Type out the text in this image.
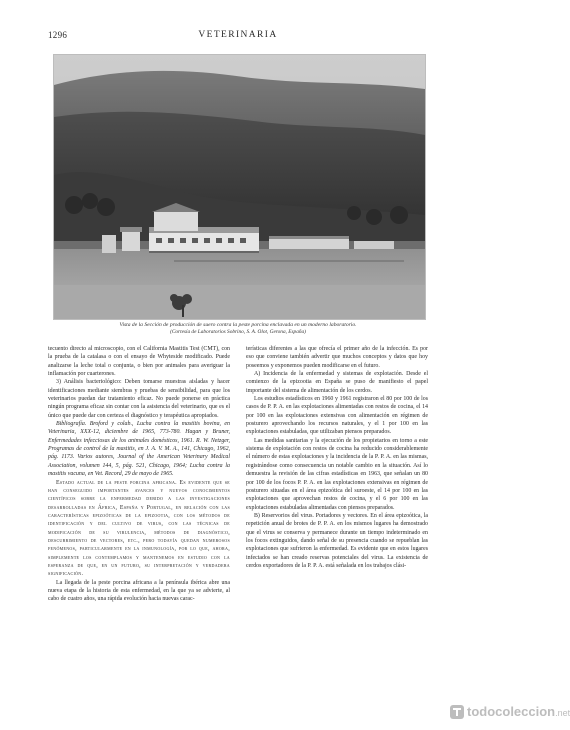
1296	VETERINARIA
Vista de la Sección de producción de suero contra la peste porcina enclavada en un moderno laboratorio.
(Cortesía de Laboratorios Sobrino, S. A. Olot, Gerona, España)

tecuento directo al microscopio, con el California Mastitis Test (CMT), con la prueba de la catalasa o con el ensayo de Whyteside modificado. Puede analizarse la leche total o conjunta, o bien por animales para averiguar la inflamación por cuarterones.

3) Análisis bacteriológico: Deben tomarse muestras aisladas y hacer identificaciones mediante siembras y pruebas de sensibilidad, para que los veterinarios puedan dar tratamiento eficaz. No puede ponerse en práctica ningún programa eficaz sin contar con la asistencia del veterinario, que es el único que puede dar con certeza el diagnóstico y terapéutica apropiados.

Bibliografía. Broford y colab., Lucha contra la mastitis bovina, en Veterinaria, XXX-12, diciembre de 1965, 773-780. Hagan y Bruner, Enfermedades infecciosas de los animales domésticos, 1961. R. W. Netzger, Programas de control de la mastitis, en J. A. V. M. A., 141, Chicago, 1962, pág. 1173. Varios autores, Journal of the American Veterinary Medical Association, volumen 144, 5, pág. 521, Chicago, 1964; Lucha contra la mastitis vacuna, en Vet. Record, 29 de mayo de 1965.

Estado actual de la peste porcina africana. Es evidente que se han conseguido importantes avances y nuevos conocimientos científicos sobre la enfermedad debido a las investigaciones desarrolladas en África, España y Portugal, en relación con las características epizoóticas de la epizootia, con los métodos de identificación y del cultivo de virus, con las técnicas de modificación de su virulencia, métodos de diagnóstico, descubrimiento de vectores, etc., pero todavía quedan numerosos fenómenos, particularmente en la inmunología, por lo que, ahora, simplemente los contemplamos y mantenemos en estudio con la esperanza de que, en un futuro, su interpretación y verdadera significación.

La llegada de la peste porcina africana a la península ibérica abre una nueva etapa de la historia de esta enfermedad, en la que ya se advierte, al cabo de cuatro años, una rápida evolución hacia nuevas carac-

terísticas diferentes a las que ofrecía el primer año de la infección. Es por eso que conviene también advertir que muchos conceptos y datos que hoy poseemos y exponemos pueden modificarse en el futuro.

A) Incidencia de la enfermedad y sistemas de explotación. Desde el comienzo de la epizootia en España se puso de manifiesto el papel importante del sistema de alimentación de los cerdos.

Los estudios estadísticos en 1960 y 1961 registraron el 80 por 100 de los casos de P. P. A. en las explotaciones alimentadas con restos de cocina, el 14 por 100 en las explotaciones extensivas con alimentación en régimen de posturero aprovechando los recursos naturales, y el 1 por 100 en las explotaciones estabuladas, que utilizaban piensos preparados.

Las medidas sanitarias y la ejecución de los propietarios en torno a este sistema de explotación con restos de cocina ha reducido considerablemente el número de estas explotaciones y la incidencia de la P. P. A. en las mismas, registrándose como consecuencia un notable cambio en la situación. Así lo demuestra la revisión de las cifras estadísticas en 1963, que señalan un 80 por 100 de los focos P. P. A. en las explotaciones extensivas en régimen de posturero situadas en el área epizoótica del suroeste, el 14 por 100 en las explotaciones que aprovechan restos de cocina, y el 6 por 100 en las explotaciones estabuladas alimentadas con piensos preparados.

B) Reservorios del virus. Portadores y vectores. En el área epizoótica, la repetición anual de brotes de P. P. A. en los mismos lugares ha demostrado que el virus se conserva y permanece durante un tiempo indeterminado en los focos extinguidos, dando señal de su presencia cuando se repueblan las explotaciones que sufrieron la enfermedad. Es evidente que en estos lugares infectados se han creado reservas potenciales del virus. La existencia de cerdos exportadores de la P. P. A. está señalada en los trabajos clási-

todocoleccion.net
